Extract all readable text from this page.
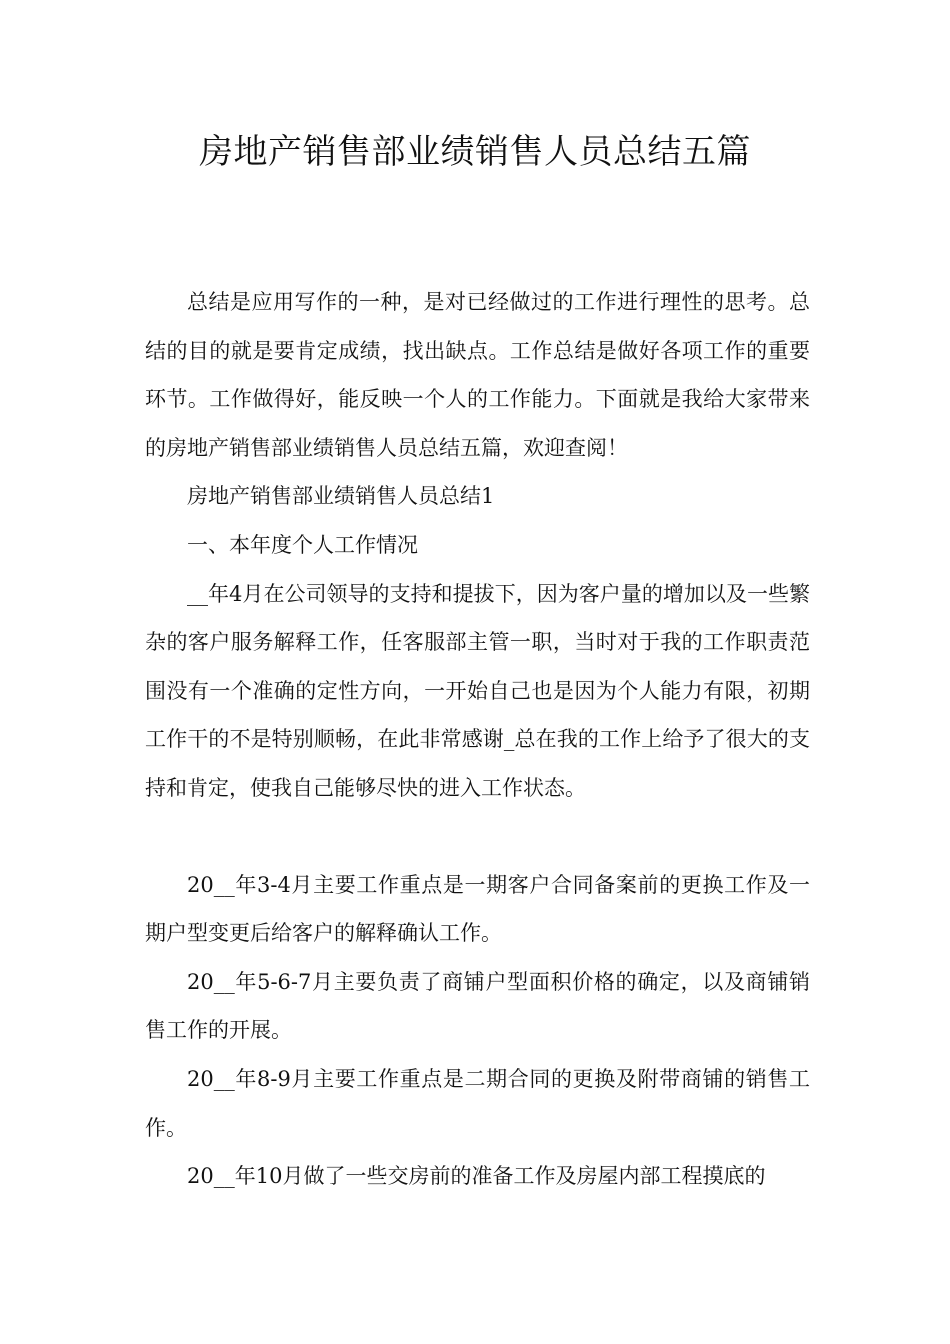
房地产销售部业绩销售人员总结五篇

总结是应用写作的一种，是对已经做过的工作进行理性的思考。总结的目的就是要肯定成绩，找出缺点。工作总结是做好各项工作的重要环节。工作做得好，能反映一个人的工作能力。下面就是我给大家带来的房地产销售部业绩销售人员总结五篇，欢迎查阅！

房地产销售部业绩销售人员总结1

一、本年度个人工作情况

__年4月在公司领导的支持和提拔下，因为客户量的增加以及一些繁杂的客户服务解释工作，任客服部主管一职，当时对于我的工作职责范围没有一个准确的定性方向，一开始自己也是因为个人能力有限，初期工作干的不是特别顺畅，在此非常感谢_总在我的工作上给予了很大的支持和肯定，使我自己能够尽快的进入工作状态。

20__年3-4月主要工作重点是一期客户合同备案前的更换工作及一期户型变更后给客户的解释确认工作。

20__年5-6-7月主要负责了商铺户型面积价格的确定，以及商铺销售工作的开展。

20__年8-9月主要工作重点是二期合同的更换及附带商铺的销售工作。

20__年10月做了一些交房前的准备工作及房屋内部工程摸底的
